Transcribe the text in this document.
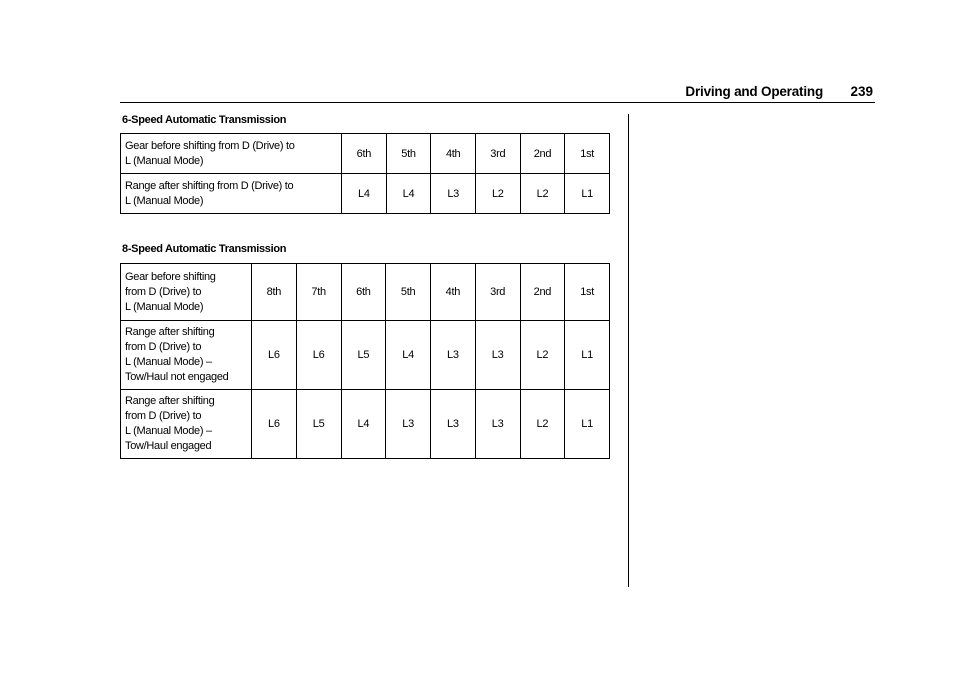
Driving and Operating 239
6-Speed Automatic Transmission
Gear before shifting from D (Drive) to
L (Manual Mode)	6th	5th	4th	3rd	2nd	1st

Range after shifting from D (Drive) to
L (Manual Mode)	L4	L4	L3	L2	L2	L1
8-Speed Automatic Transmission
Gear before shifting
from D (Drive) to
L (Manual Mode)	8th	7th	6th	5th	4th	3rd	2nd	1st

Range after shifting
from D (Drive) to
L (Manual Mode) –
Tow/Haul not engaged	L6	L6	L5	L4	L3	L3	L2	L1

Range after shifting
from D (Drive) to
L (Manual Mode) –
Tow/Haul engaged	L6	L5	L4	L3	L3	L3	L2	L1
